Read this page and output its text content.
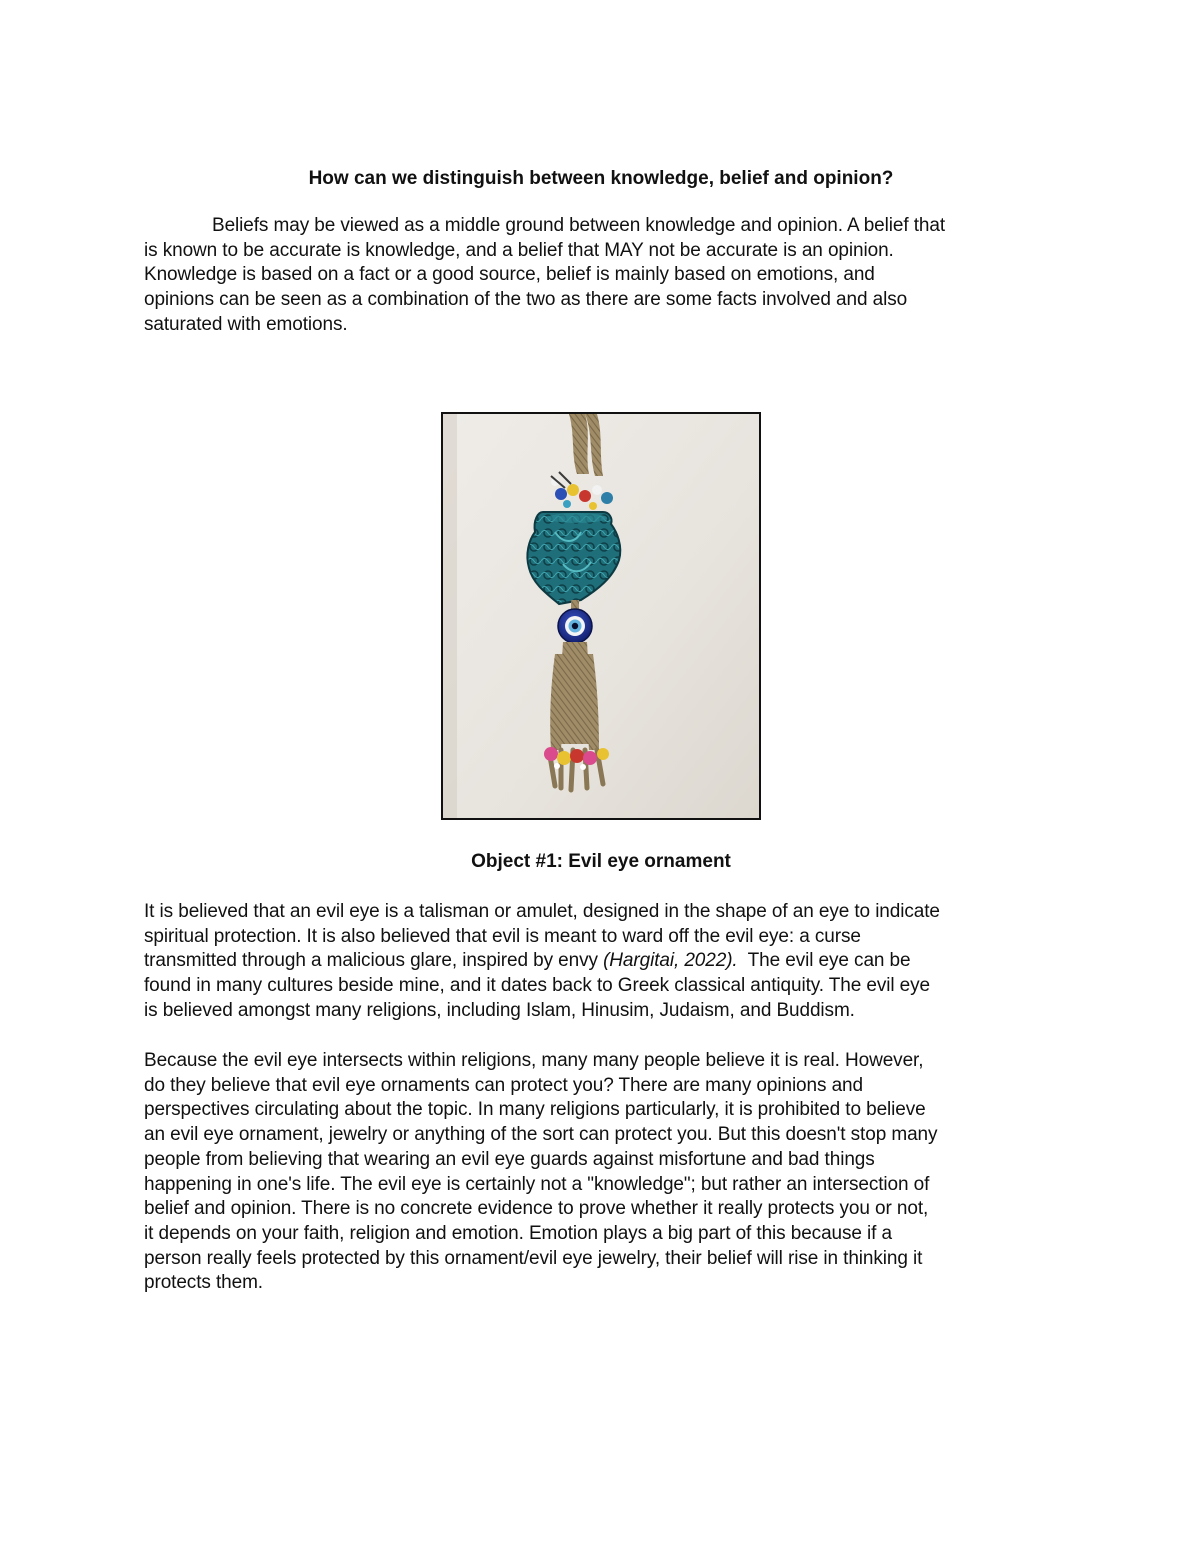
How can we distinguish between knowledge, belief and opinion?
Beliefs may be viewed as a middle ground between knowledge and opinion. A belief that
is known to be accurate is knowledge, and a belief that MAY not be accurate is an opinion.
Knowledge is based on a fact or a good source, belief is mainly based on emotions, and
opinions can be seen as a combination of the two as there are some facts involved and also
saturated with emotions.

Object #1: Evil eye ornament

It is believed that an evil eye is a talisman or amulet, designed in the shape of an eye to indicate
spiritual protection. It is also believed that evil is meant to ward off the evil eye: a curse
transmitted through a malicious glare, inspired by envy (Hargitai, 2022).  The evil eye can be
found in many cultures beside mine, and it dates back to Greek classical antiquity. The evil eye
is believed amongst many religions, including Islam, Hinusim, Judaism, and Buddism.
Because the evil eye intersects within religions, many many people believe it is real. However,
do they believe that evil eye ornaments can protect you? There are many opinions and
perspectives circulating about the topic. In many religions particularly, it is prohibited to believe
an evil eye ornament, jewelry or anything of the sort can protect you. But this doesn't stop many
people from believing that wearing an evil eye guards against misfortune and bad things
happening in one's life. The evil eye is certainly not a "knowledge"; but rather an intersection of
belief and opinion. There is no concrete evidence to prove whether it really protects you or not,
it depends on your faith, religion and emotion. Emotion plays a big part of this because if a
person really feels protected by this ornament/evil eye jewelry, their belief will rise in thinking it
protects them.
